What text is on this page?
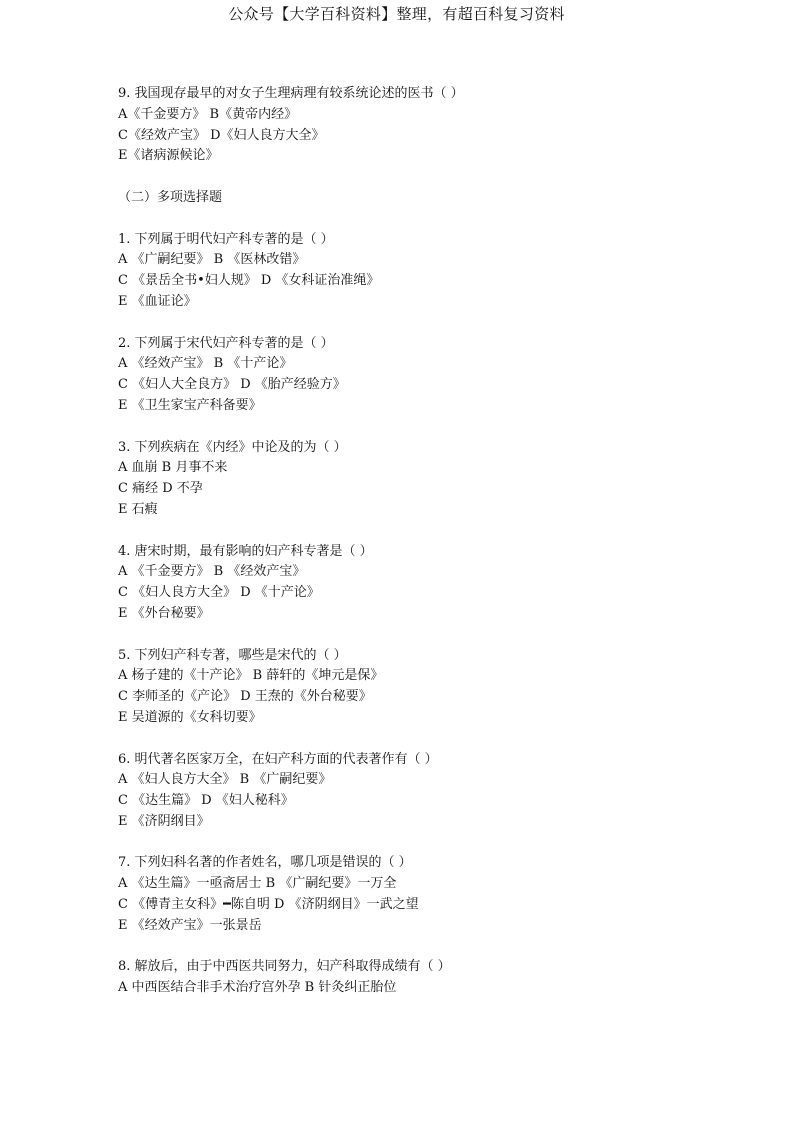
公众号【大学百科资料】整理，有超百科复习资料
9. 我国现存最早的对女子生理病理有较系统论述的医书（ ）
A《千金要方》 B《黄帝内经》
C《经效产宝》 D《妇人良方大全》
E《诸病源候论》
（二）多项选择题
1. 下列属于明代妇产科专著的是（ ）
A 《广嗣纪要》 B 《医林改错》
C 《景岳全书•妇人规》 D 《女科证治准绳》
E 《血证论》
2. 下列属于宋代妇产科专著的是（ ）
A 《经效产宝》 B 《十产论》
C 《妇人大全良方》 D 《胎产经验方》
E 《卫生家宝产科备要》
3. 下列疾病在《内经》中论及的为（ ）
A 血崩 B 月事不来
C 痛经 D 不孕
E 石瘕
4. 唐宋时期，最有影响的妇产科专著是（ ）
A 《千金要方》 B 《经效产宝》
C 《妇人良方大全》 D 《十产论》
E 《外台秘要》
5. 下列妇产科专著，哪些是宋代的（ ）
A 杨子建的《十产论》 B 薛轩的《坤元是保》
C 李师圣的《产论》 D 王焘的《外台秘要》
E 吴道源的《女科切要》
6. 明代著名医家万全，在妇产科方面的代表著作有（ ）
A 《妇人良方大全》 B 《广嗣纪要》
C 《达生篇》 D 《妇人秘科》
E 《济阴纲目》
7. 下列妇科名著的作者姓名，哪几项是错误的（ ）
A 《达生篇》一亟斋居士 B 《广嗣纪要》一万全
C 《傅青主女科》━陈自明 D 《济阴纲目》一武之望
E 《经效产宝》一张景岳
8. 解放后，由于中西医共同努力，妇产科取得成绩有（ ）
A 中西医结合非手术治疗宫外孕 B 针灸纠正胎位
